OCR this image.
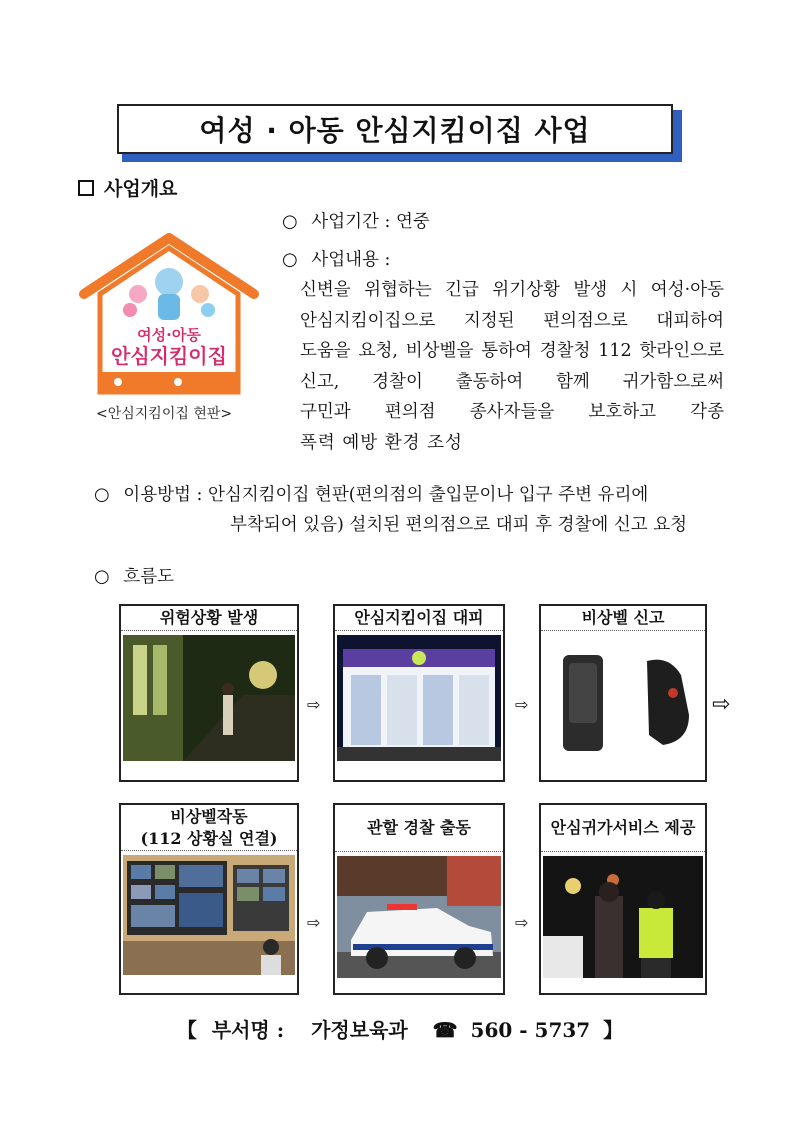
여성 · 아동 안심지킴이집 사업
사업개요
○ 사업기간 : 연중
○ 사업내용 :
신변을 위협하는 긴급 위기상황 발생 시 여성·아동
안심지킴이집으로 지정된 편의점으로 대피하여
도움을 요청, 비상벨을 통하여 경찰청 112 핫라인으로
신고, 경찰이 출동하여 함께 귀가함으로써
구민과 편의점 종사자들을 보호하고 각종
폭력 예방 환경 조성
여성·아동
안심지킴이집
<안심지킴이집 현판>
○ 이용방법 : 안심지킴이집 현판(편의점의 출입문이나 입구 주변 유리에
부착되어 있음) 설치된 편의점으로 대피 후 경찰에 신고 요청
○ 흐름도
위험상황 발생
⇨
안심지킴이집 대피
⇨
비상벨 신고
⇨
비상벨작동
(112 상황실 연결)
⇨
관할 경찰 출동
⇨
안심귀가서비스 제공
【 부서명 : 가정보육과 ☎ 560 - 5737 】
